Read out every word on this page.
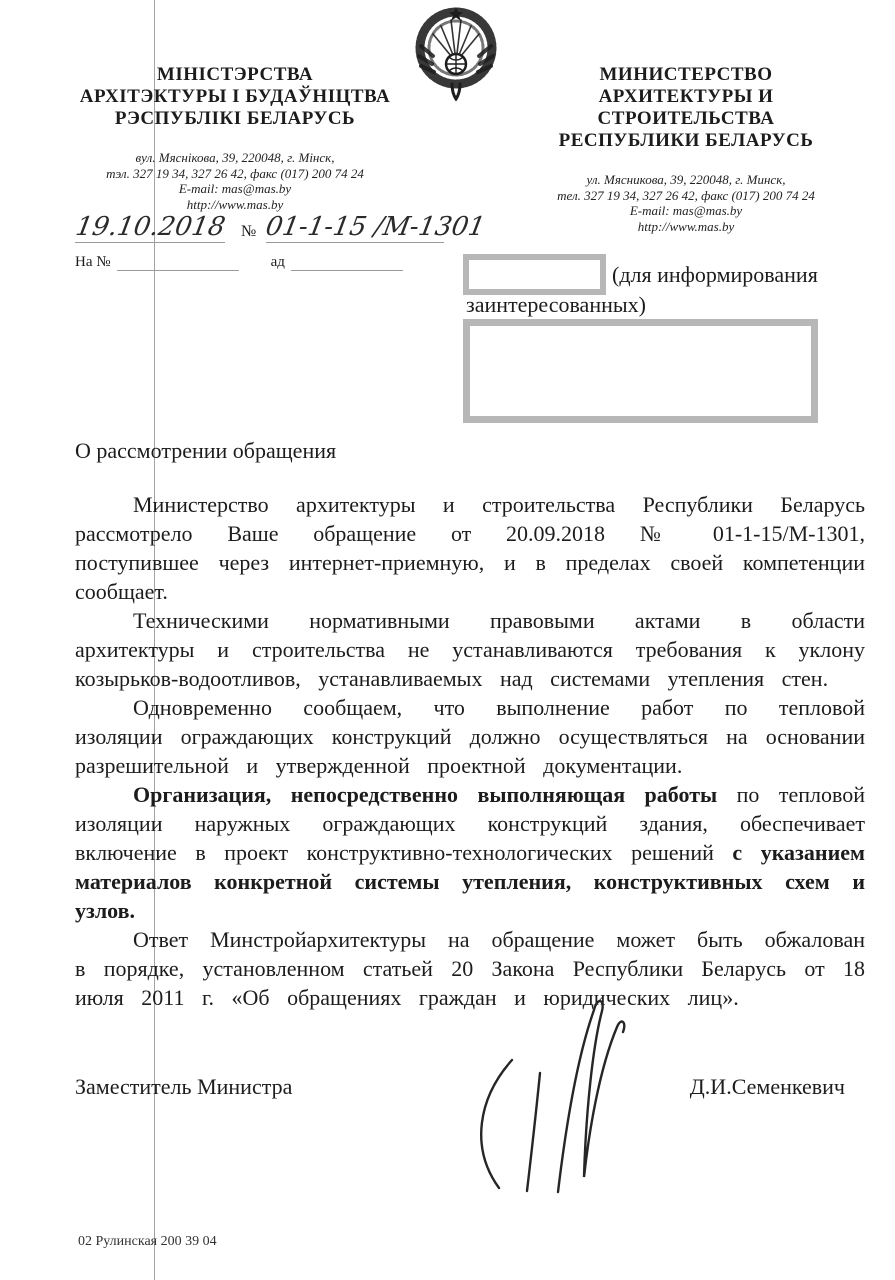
МІНІСТЭРСТВА
АРХІТЭКТУРЫ І БУДАЎНІЦТВА
РЭСПУБЛІКІ БЕЛАРУСЬ
вул. Мяснікова, 39, 220048, г. Мінск,
тэл. 327 19 34, 327 26 42, факс (017) 200 74 24
E-mail: mas@mas.by
http://www.mas.by
МИНИСТЕРСТВО
АРХИТЕКТУРЫ И СТРОИТЕЛЬСТВА
РЕСПУБЛИКИ БЕЛАРУСЬ
ул. Мясникова, 39, 220048, г. Минск,
тел. 327 19 34, 327 26 42, факс (017) 200 74 24
E-mail: mas@mas.by
http://www.mas.by
19.10.2018 № 01-1-15 /М-1301
На №	ад	(для информирования
заинтересованных)
О рассмотрении обращения

Министерство архитектуры и строительства Республики Беларусь рассмотрело Ваше обращение от 20.09.2018 № 01-1-15/М-1301, поступившее через интернет-приемную, и в пределах своей компетенции сообщает.

Техническими нормативными правовыми актами в области архитектуры и строительства не устанавливаются требования к уклону козырьков-водоотливов, устанавливаемых над системами утепления стен.

Одновременно сообщаем, что выполнение работ по тепловой изоляции ограждающих конструкций должно осуществляться на основании разрешительной и утвержденной проектной документации.

Организация, непосредственно выполняющая работы по тепловой изоляции наружных ограждающих конструкций здания, обеспечивает включение в проект конструктивно-технологических решений с указанием материалов конкретной системы утепления, конструктивных схем и узлов.

Ответ Минстройархитектуры на обращение может быть обжалован в порядке, установленном статьей 20 Закона Республики Беларусь от 18 июля 2011 г. «Об обращениях граждан и юридических лиц».

Заместитель Министра	Д.И.Семенкевич
02 Рулинская 200 39 04
